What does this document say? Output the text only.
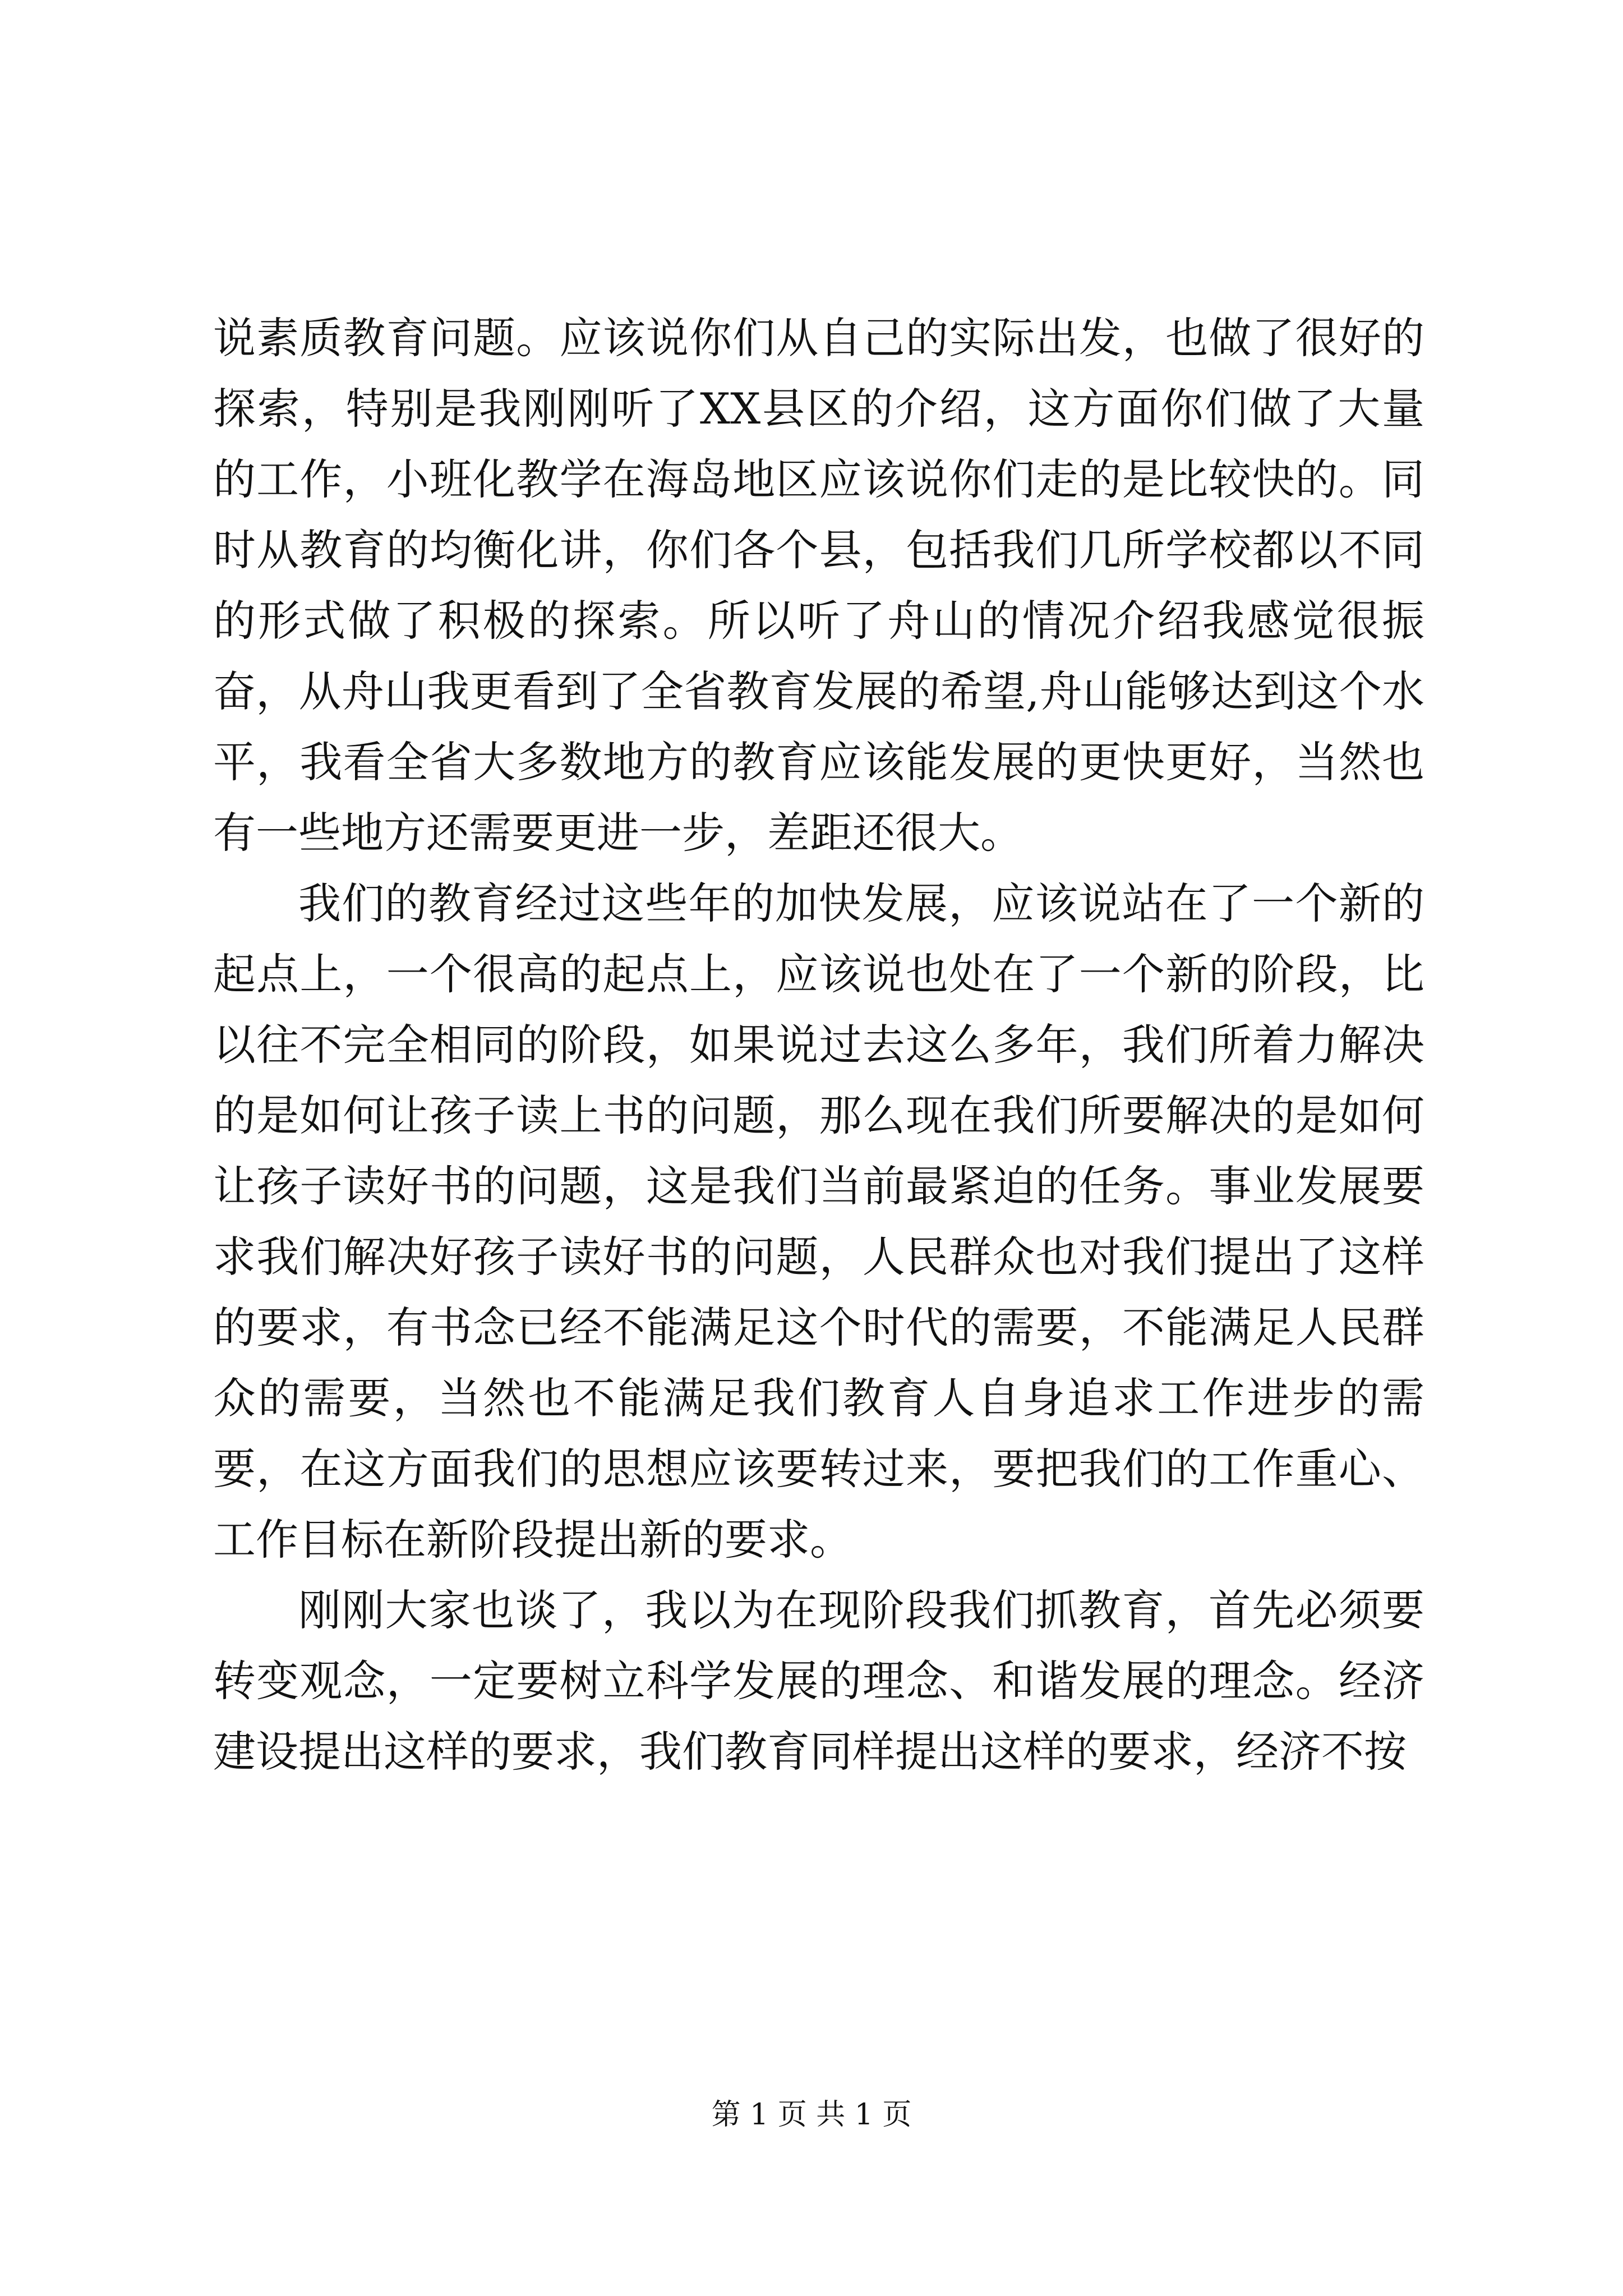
说素质教育问题。应该说你们从自己的实际出发，也做了很好的探索，特别是我刚刚听了XX县区的介绍，这方面你们做了大量的工作，小班化教学在海岛地区应该说你们走的是比较快的。同时从教育的均衡化讲，你们各个县，包括我们几所学校都以不同的形式做了积极的探索。所以听了舟山的情况介绍我感觉很振奋，从舟山我更看到了全省教育发展的希望,舟山能够达到这个水平，我看全省大多数地方的教育应该能发展的更快更好，当然也有一些地方还需要更进一步，差距还很大。

我们的教育经过这些年的加快发展，应该说站在了一个新的起点上，一个很高的起点上，应该说也处在了一个新的阶段，比以往不完全相同的阶段，如果说过去这么多年，我们所着力解决的是如何让孩子读上书的问题，那么现在我们所要解决的是如何让孩子读好书的问题，这是我们当前最紧迫的任务。事业发展要求我们解决好孩子读好书的问题，人民群众也对我们提出了这样的要求，有书念已经不能满足这个时代的需要，不能满足人民群众的需要，当然也不能满足我们教育人自身追求工作进步的需要，在这方面我们的思想应该要转过来，要把我们的工作重心、工作目标在新阶段提出新的要求。

刚刚大家也谈了，我以为在现阶段我们抓教育，首先必须要转变观念，一定要树立科学发展的理念、和谐发展的理念。经济建设提出这样的要求，我们教育同样提出这样的要求，经济不按

第 1 页 共 1 页
